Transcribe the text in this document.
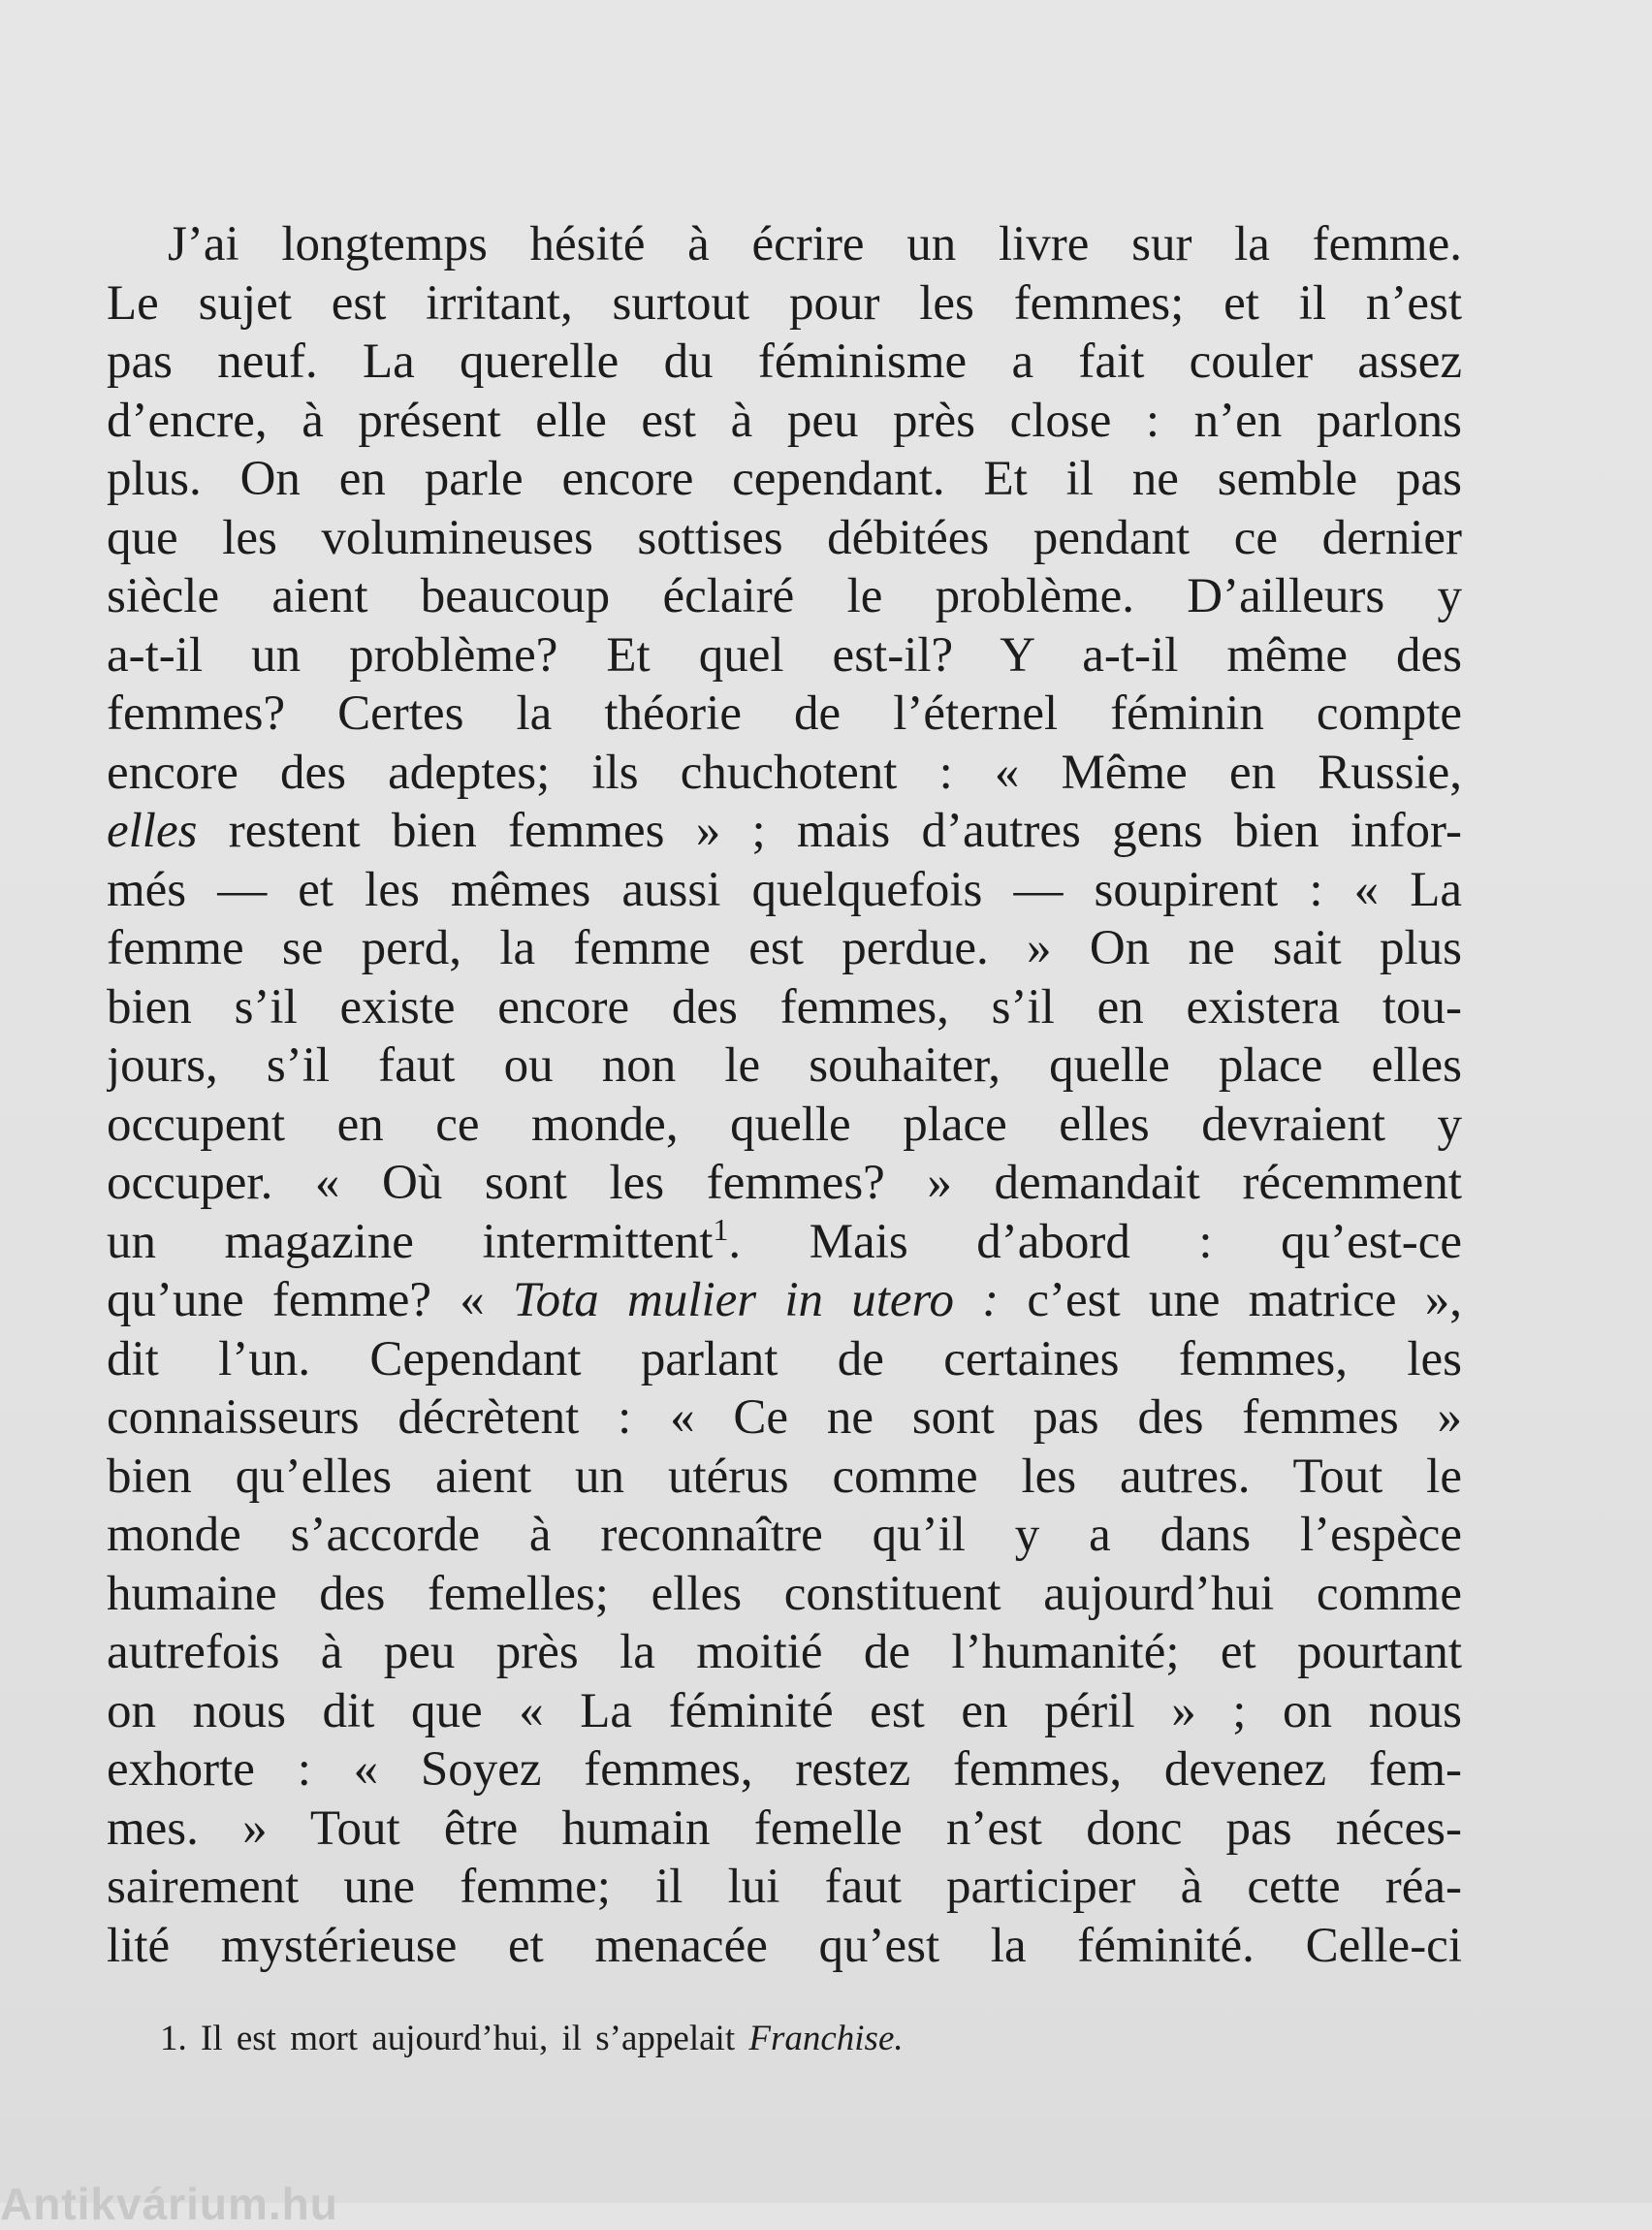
J’ai longtemps hésité à écrire un livre sur la femme.
Le sujet est irritant, surtout pour les femmes; et il n’est
pas neuf. La querelle du féminisme a fait couler assez
d’encre, à présent elle est à peu près close : n’en parlons
plus. On en parle encore cependant. Et il ne semble pas
que les volumineuses sottises débitées pendant ce dernier
siècle aient beaucoup éclairé le problème. D’ailleurs y
a-t-il un problème? Et quel est-il? Y a-t-il même des
femmes? Certes la théorie de l’éternel féminin compte
encore des adeptes; ils chuchotent : « Même en Russie,
elles restent bien femmes » ; mais d’autres gens bien infor-
més — et les mêmes aussi quelquefois — soupirent : « La
femme se perd, la femme est perdue. » On ne sait plus
bien s’il existe encore des femmes, s’il en existera tou-
jours, s’il faut ou non le souhaiter, quelle place elles
occupent en ce monde, quelle place elles devraient y
occuper. « Où sont les femmes? » demandait récemment
un magazine intermittent$^1$. Mais d’abord : qu’est-ce
qu’une femme? « Tota mulier in utero : c’est une matrice »,
dit l’un. Cependant parlant de certaines femmes, les
connaisseurs décrètent : « Ce ne sont pas des femmes »
bien qu’elles aient un utérus comme les autres. Tout le
monde s’accorde à reconnaître qu’il y a dans l’espèce
humaine des femelles; elles constituent aujourd’hui comme
autrefois à peu près la moitié de l’humanité; et pourtant
on nous dit que « La féminité est en péril » ; on nous
exhorte : « Soyez femmes, restez femmes, devenez fem-
mes. » Tout être humain femelle n’est donc pas néces-
sairement une femme; il lui faut participer à cette réa-
lité mystérieuse et menacée qu’est la féminité. Celle-ci
1. Il est mort aujourd’hui, il s’appelait Franchise.
Antikvárium.hu
